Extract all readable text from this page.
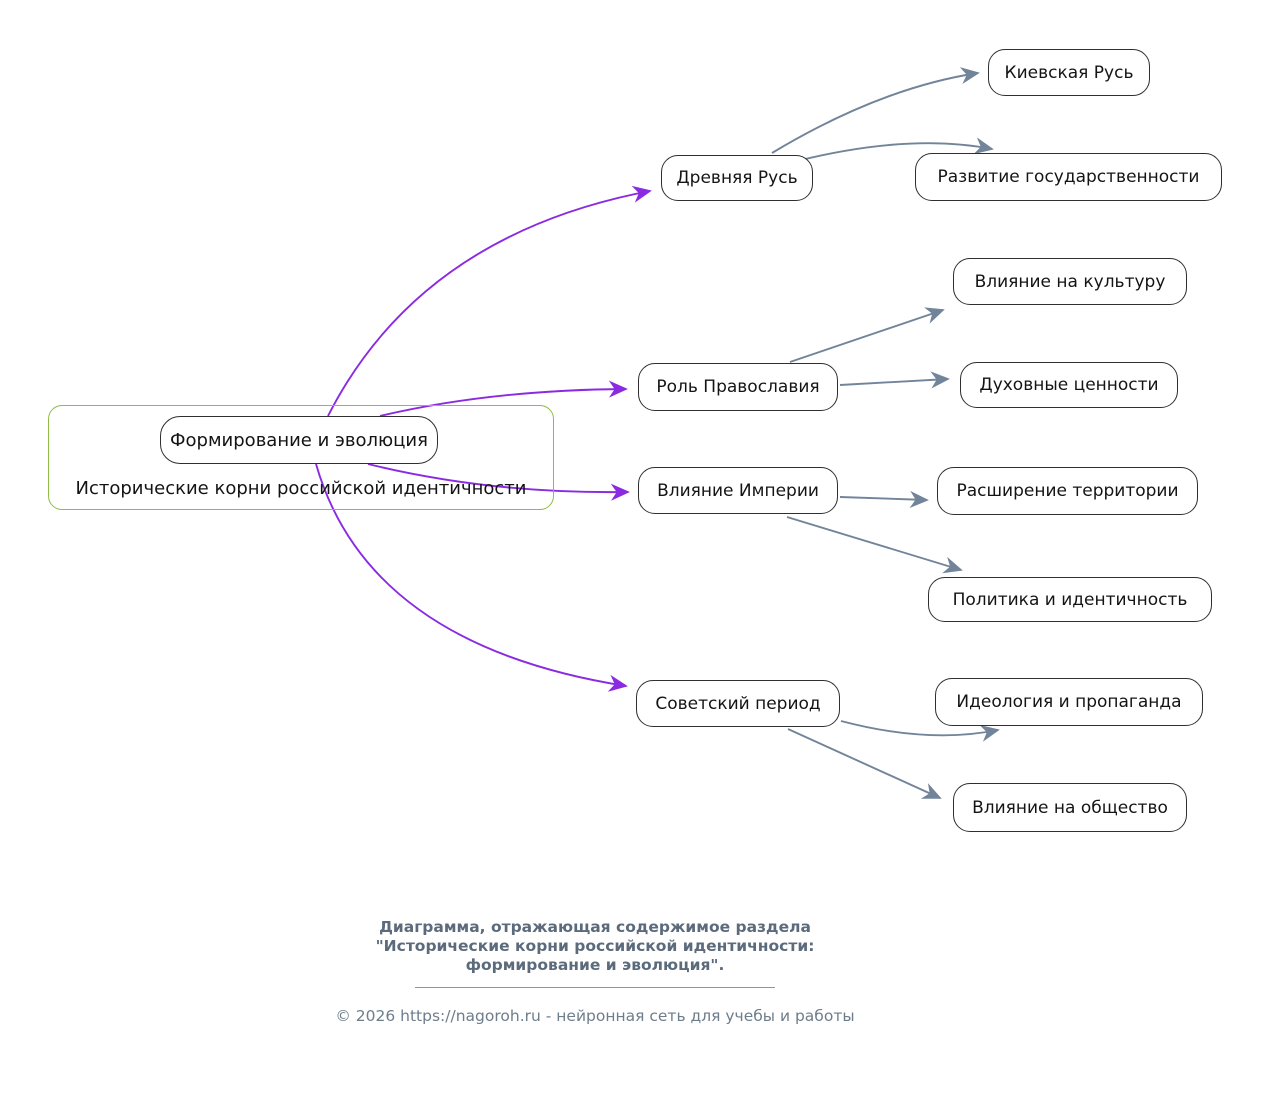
Формирование и эволюция
Исторические корни российской идентичности
Древняя Русь
Роль Православия
Влияние Империи
Советский период
Киевская Русь
Развитие государственности
Влияние на культуру
Духовные ценности
Расширение территории
Политика и идентичность
Идеология и пропаганда
Влияние на общество
Диаграмма, отражающая содержимое раздела
"Исторические корни российской идентичности:
формирование и эволюция".
© 2026 https://nagoroh.ru - нейронная сеть для учебы и работы
